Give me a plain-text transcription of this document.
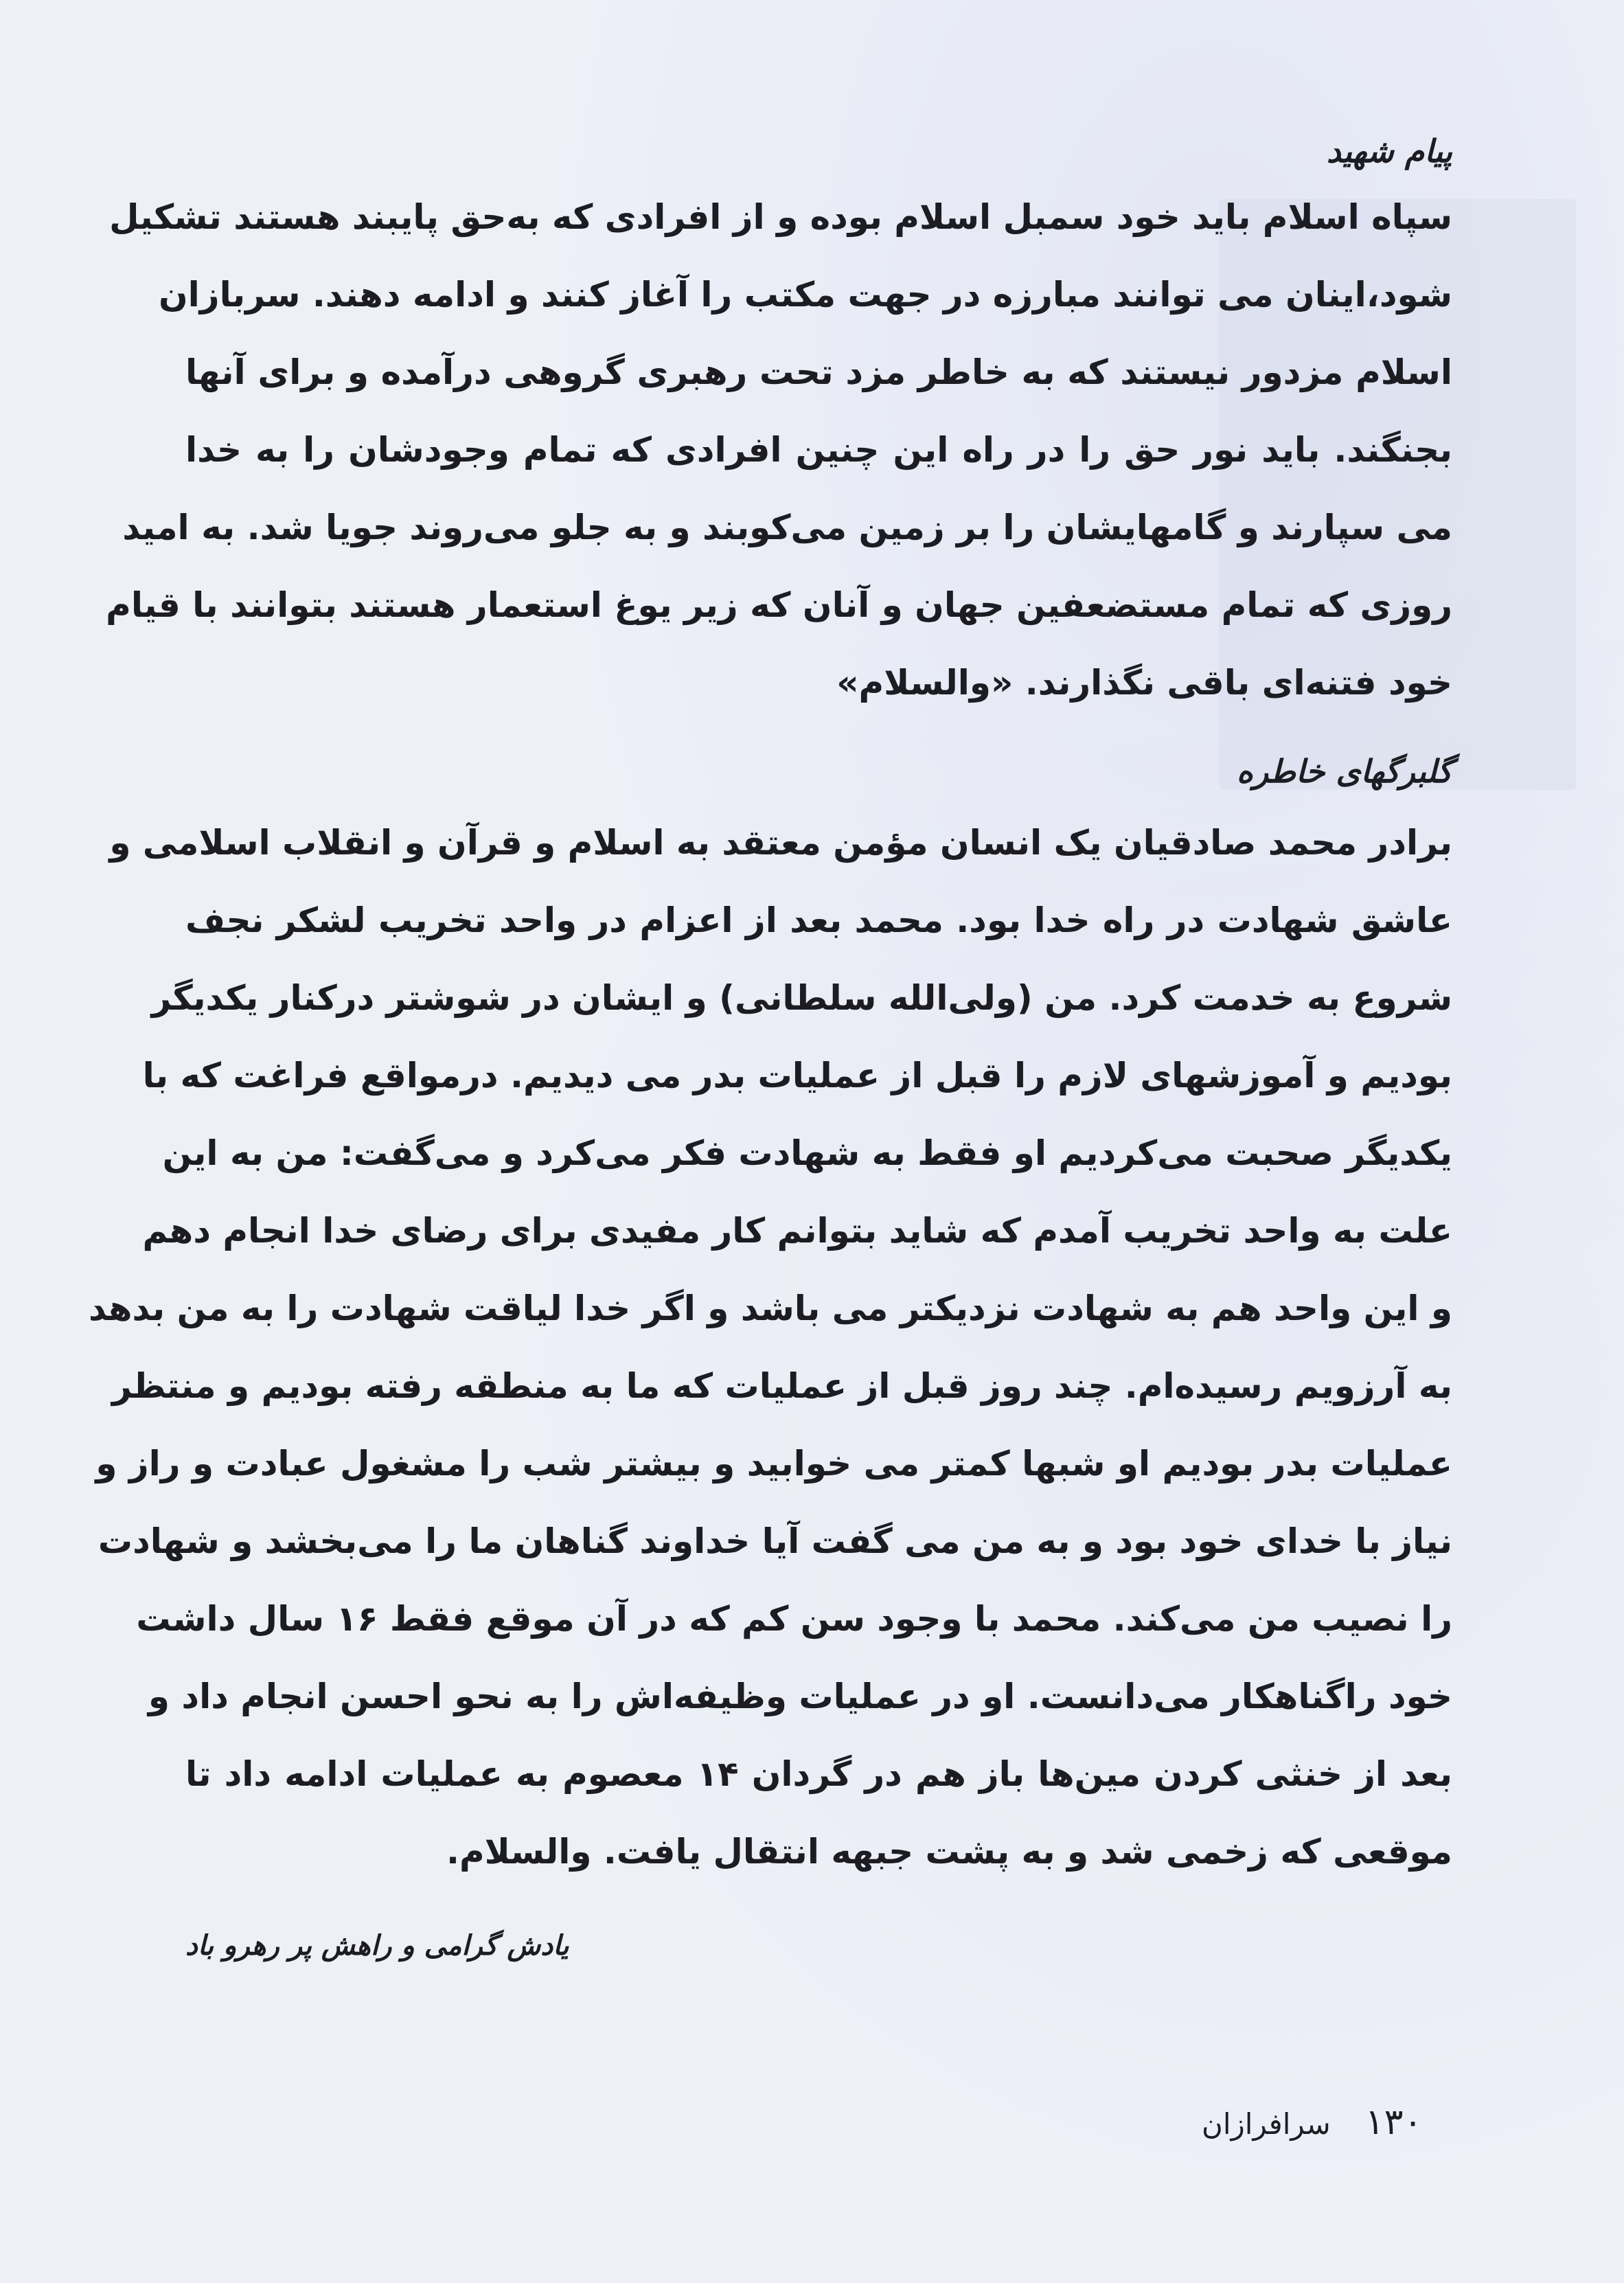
پیام شهید
سپاه اسلام باید خود سمبل اسلام بوده و از افرادی که به‌حق پایبند هستند تشکیل
شود،اینان می توانند مبارزه در جهت مکتب را آغاز کنند و ادامه دهند. سربازان
اسلام مزدور نیستند که به خاطر مزد تحت رهبری گروهی درآمده و برای آنها
بجنگند. باید نور حق را در راه این چنین افرادی که تمام وجودشان را به خدا
می سپارند و گامهایشان را بر زمین می‌کوبند و به جلو می‌روند جویا شد. به امید
روزی که تمام مستضعفین جهان و آنان که زیر یوغ استعمار هستند بتوانند با قیام
خود فتنه‌ای باقی نگذارند. «والسلام»
گلبرگهای خاطره
برادر محمد صادقیان یک انسان مؤمن معتقد به اسلام و قرآن و انقلاب اسلامی و
عاشق شهادت در راه خدا بود. محمد بعد از اعزام در واحد تخریب لشکر نجف
شروع به خدمت کرد. من (ولی‌الله سلطانی) و ایشان در شوشتر درکنار یکدیگر
بودیم و آموزشهای لازم را قبل از عملیات بدر می دیدیم. درمواقع فراغت که با
یکدیگر صحبت می‌کردیم او فقط به شهادت فکر می‌کرد و می‌گفت: من به این
علت به واحد تخریب آمدم که شاید بتوانم کار مفیدی برای رضای خدا انجام دهم
و این واحد هم به شهادت نزدیکتر می باشد و اگر خدا لیاقت شهادت را به من بدهد
به آرزویم رسیده‌ام. چند روز قبل از عملیات که ما به منطقه رفته بودیم و منتظر
عملیات بدر بودیم او شبها کمتر می خوابید و بیشتر شب را مشغول عبادت و راز و
نیاز با خدای خود بود و به من می گفت آیا خداوند گناهان ما را می‌بخشد و شهادت
را نصیب من می‌کند. محمد با وجود سن کم که در آن موقع فقط ۱۶ سال داشت
خود راگناهکار می‌دانست. او در عملیات وظیفه‌اش را به نحو احسن انجام داد و
بعد از خنثی کردن مین‌ها باز هم در گردان ۱۴ معصوم به عملیات ادامه داد تا
موقعی که زخمی شد و به پشت جبهه انتقال یافت. والسلام.
یادش گرامی و راهش پر رهرو باد
۱۳۰
سرافرازان
